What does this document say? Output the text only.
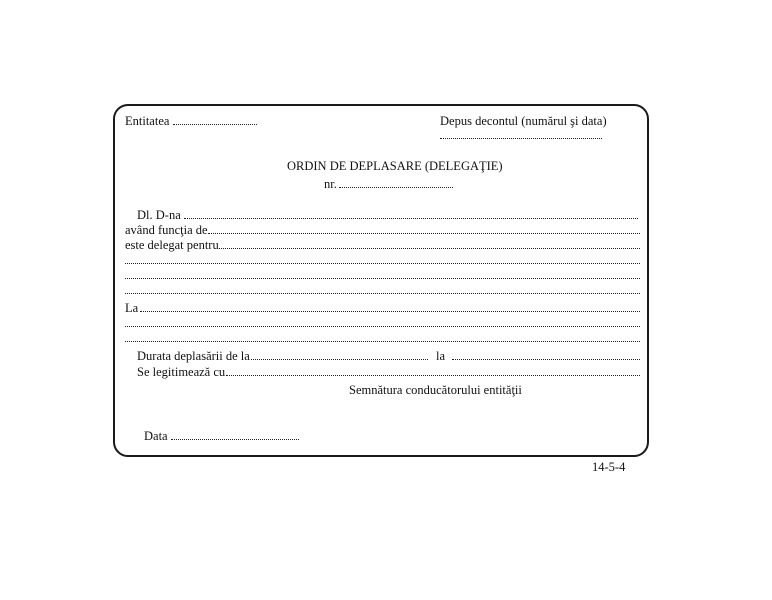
Entitatea	Depus decontul (numărul şi data)
ORDIN DE DEPLASARE (DELEGAŢIE)
nr.
Dl. D-na
având funcţia de
este delegat pentru
La
Durata deplasării de la	la
Se legitimează cu
Semnătura conducătorului entităţii
Data
14-5-4
